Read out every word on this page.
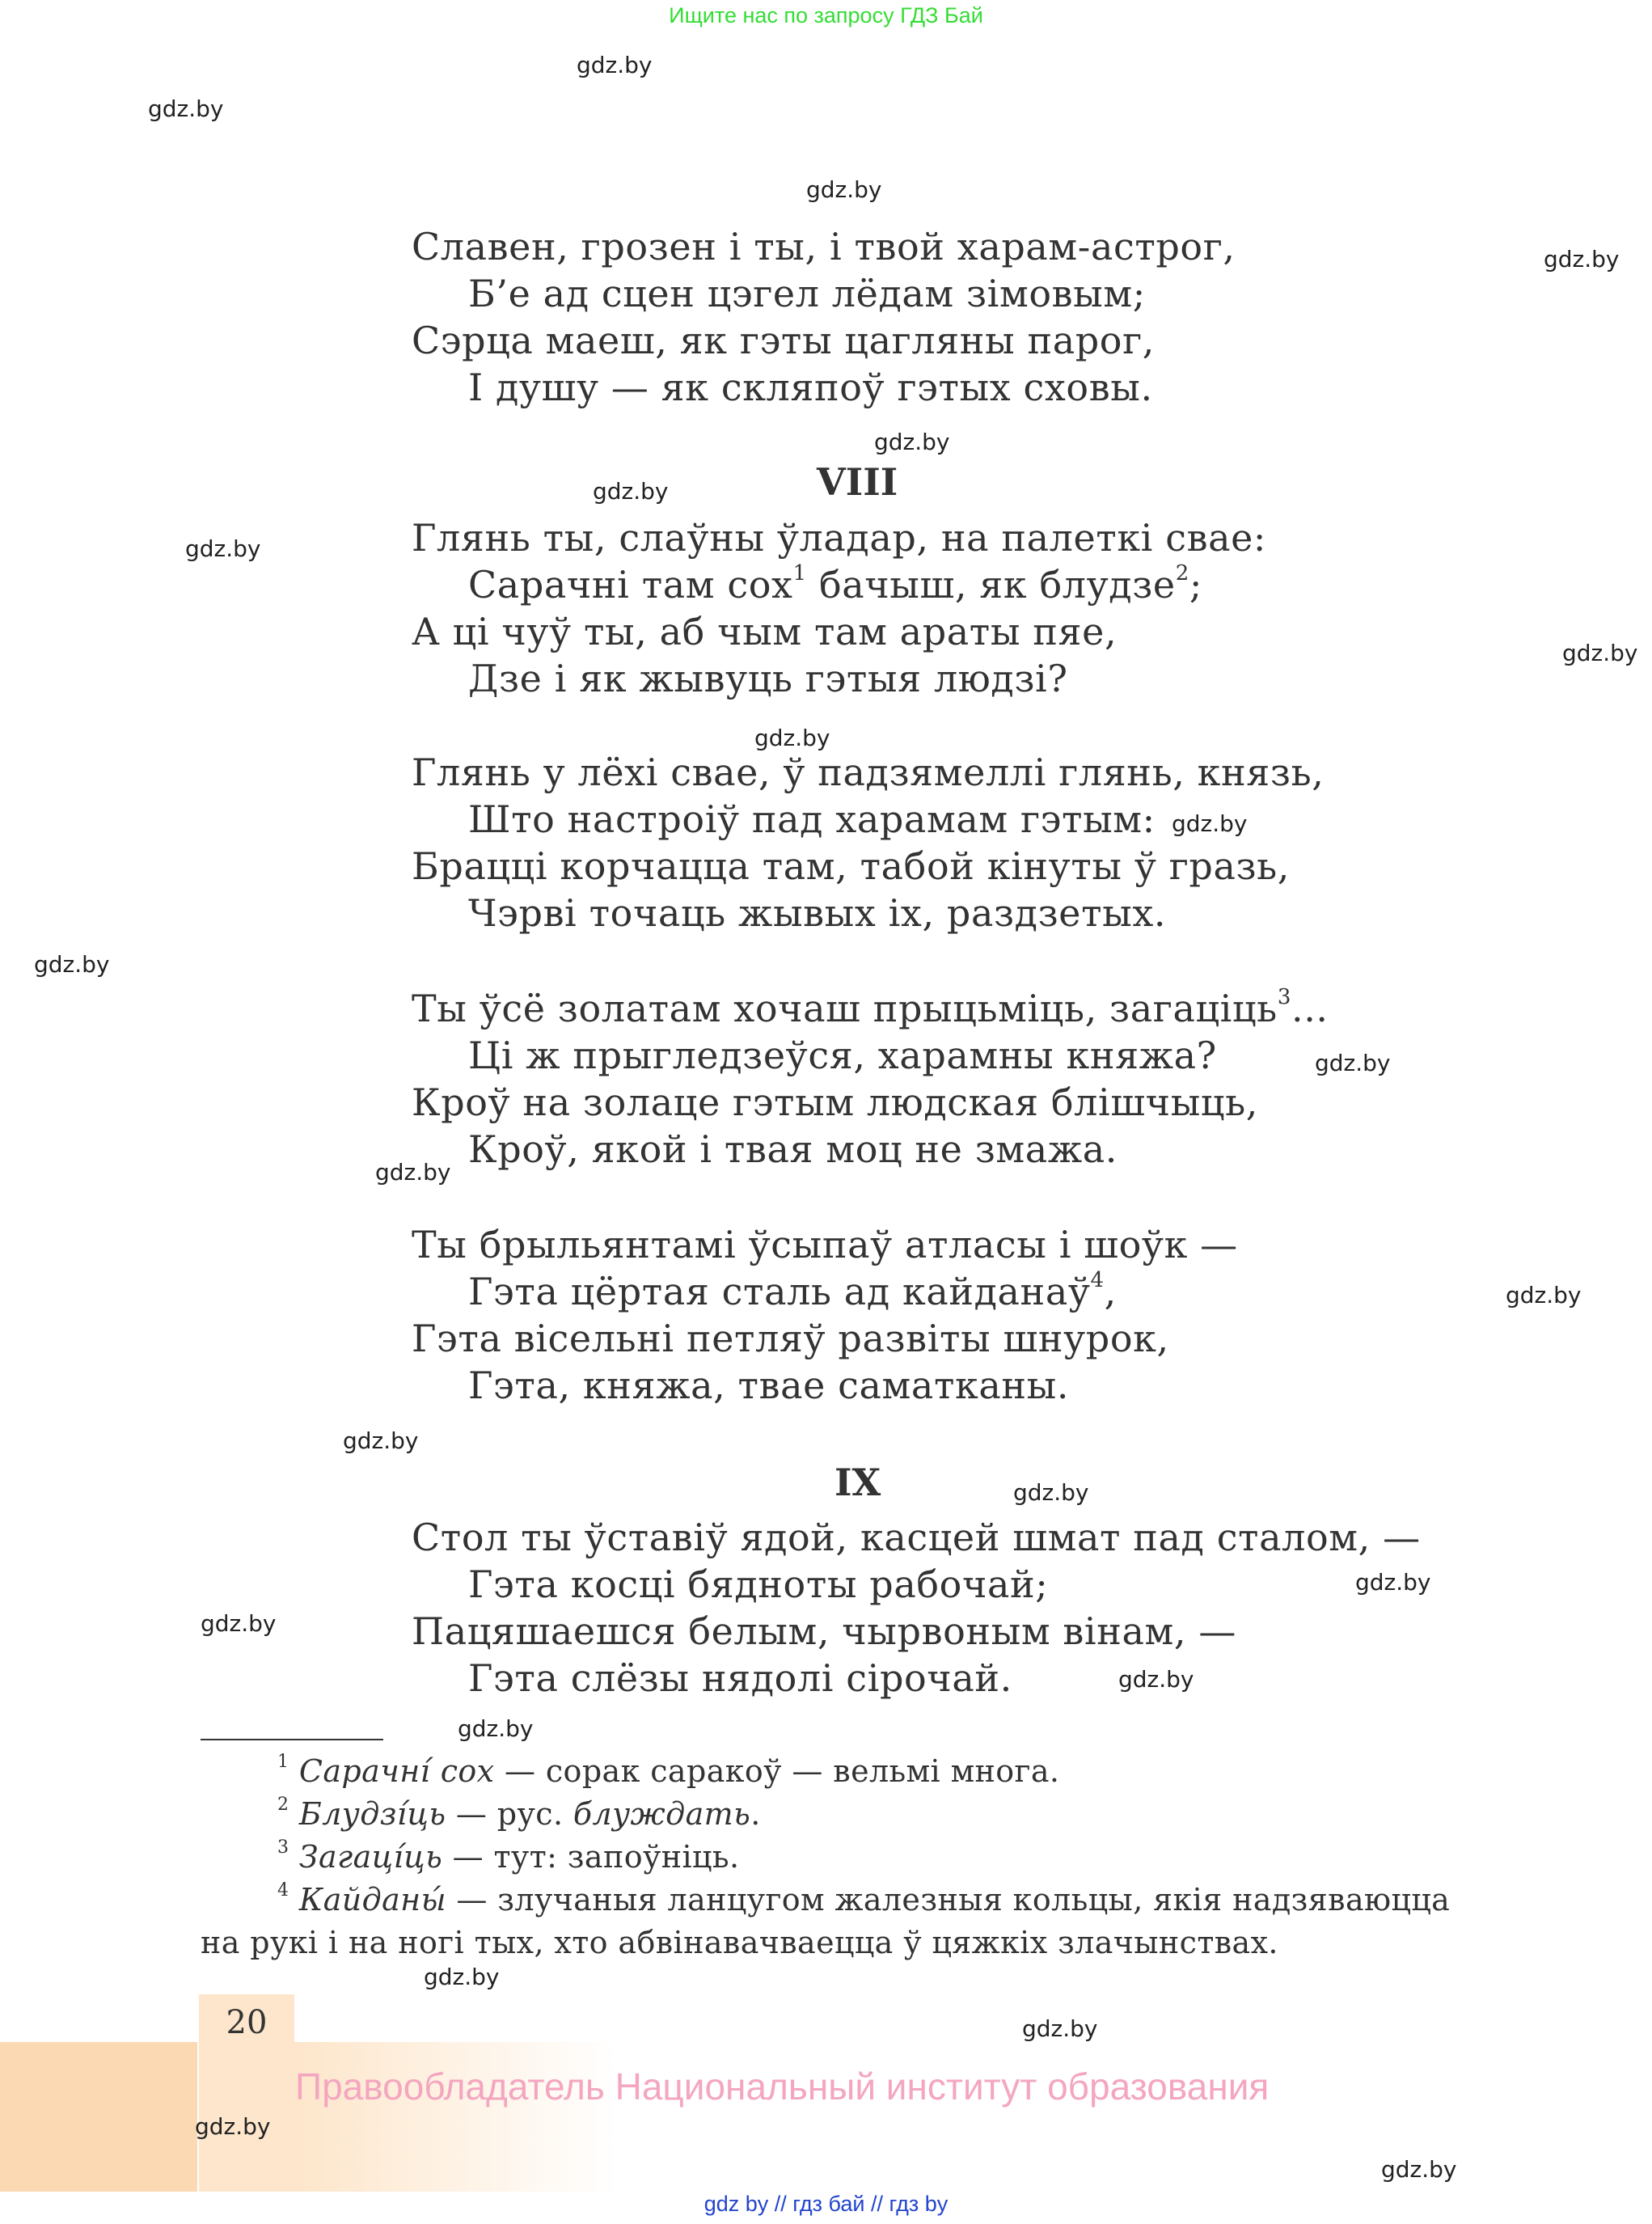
Ищите нас по запросу ГДЗ Бай
gdz.by
gdz.by
gdz.by
gdz.by
gdz.by
gdz.by
gdz.by
gdz.by
gdz.by
gdz.by
gdz.by
gdz.by
gdz.by
gdz.by
gdz.by
gdz.by
gdz.by
gdz.by
gdz.by
gdz.by
gdz.by
gdz.by
Славен, грозен і ты, і твой харам-астрог,
Б’е ад сцен цэгел лёдам зімовым;
Сэрца маеш, як гэты цагляны парог,
І душу — як скляпоў гэтых сховы.
VIII
Глянь ты, слаўны ўладар, на палеткі свае:
Сарачні там сох$^1$ бачыш, як блудзе$^2$;
А ці чуў ты, аб чым там араты пяе,
Дзе і як жывуць гэтыя людзі?
Глянь у лёхі свае, ў падзямеллі глянь, князь,
Што настроіў пад харамам гэтым:
Брацці корчацца там, табой кінуты ў гразь,
Чэрві точаць жывых іх, раздзетых.
Ты ўсё золатам хочаш прыцьміць, загаціць$^3$...
Ці ж прыгледзеўся, харамны княжа?
Кроў на золаце гэтым людская блішчыць,
Кроў, якой і твая моц не змажа.
Ты брыльянтамі ўсыпаў атласы і шоўк —
Гэта цёртая сталь ад кайданаў$^4$,
Гэта вісельні петляў развіты шнурок,
Гэта, княжа, твае саматканы.
IX
Стол ты ўставіў ядой, касцей шмат пад сталом, —
Гэта косці бядноты рабочай;
Пацяшаешся белым, чырвоным вінам, —
Гэта слёзы нядолі сірочай.
$^1$ Сарачні́ сох — сорак саракоў — вельмі многа.
$^2$ Блудзі́ць — рус. блуждать.
$^3$ Загаці́ць — тут: запоўніць.
$^4$ Кайданы́ — злучаныя ланцугом жалезныя кольцы, якія надзяваюцца
на рукі і на ногі тых, хто абвінавачваецца ў цяжкіх злачынствах.
20
Правообладатель Национальный институт образования
gdz.by
gdz.by
gdz by // гдз бай // гдз by
